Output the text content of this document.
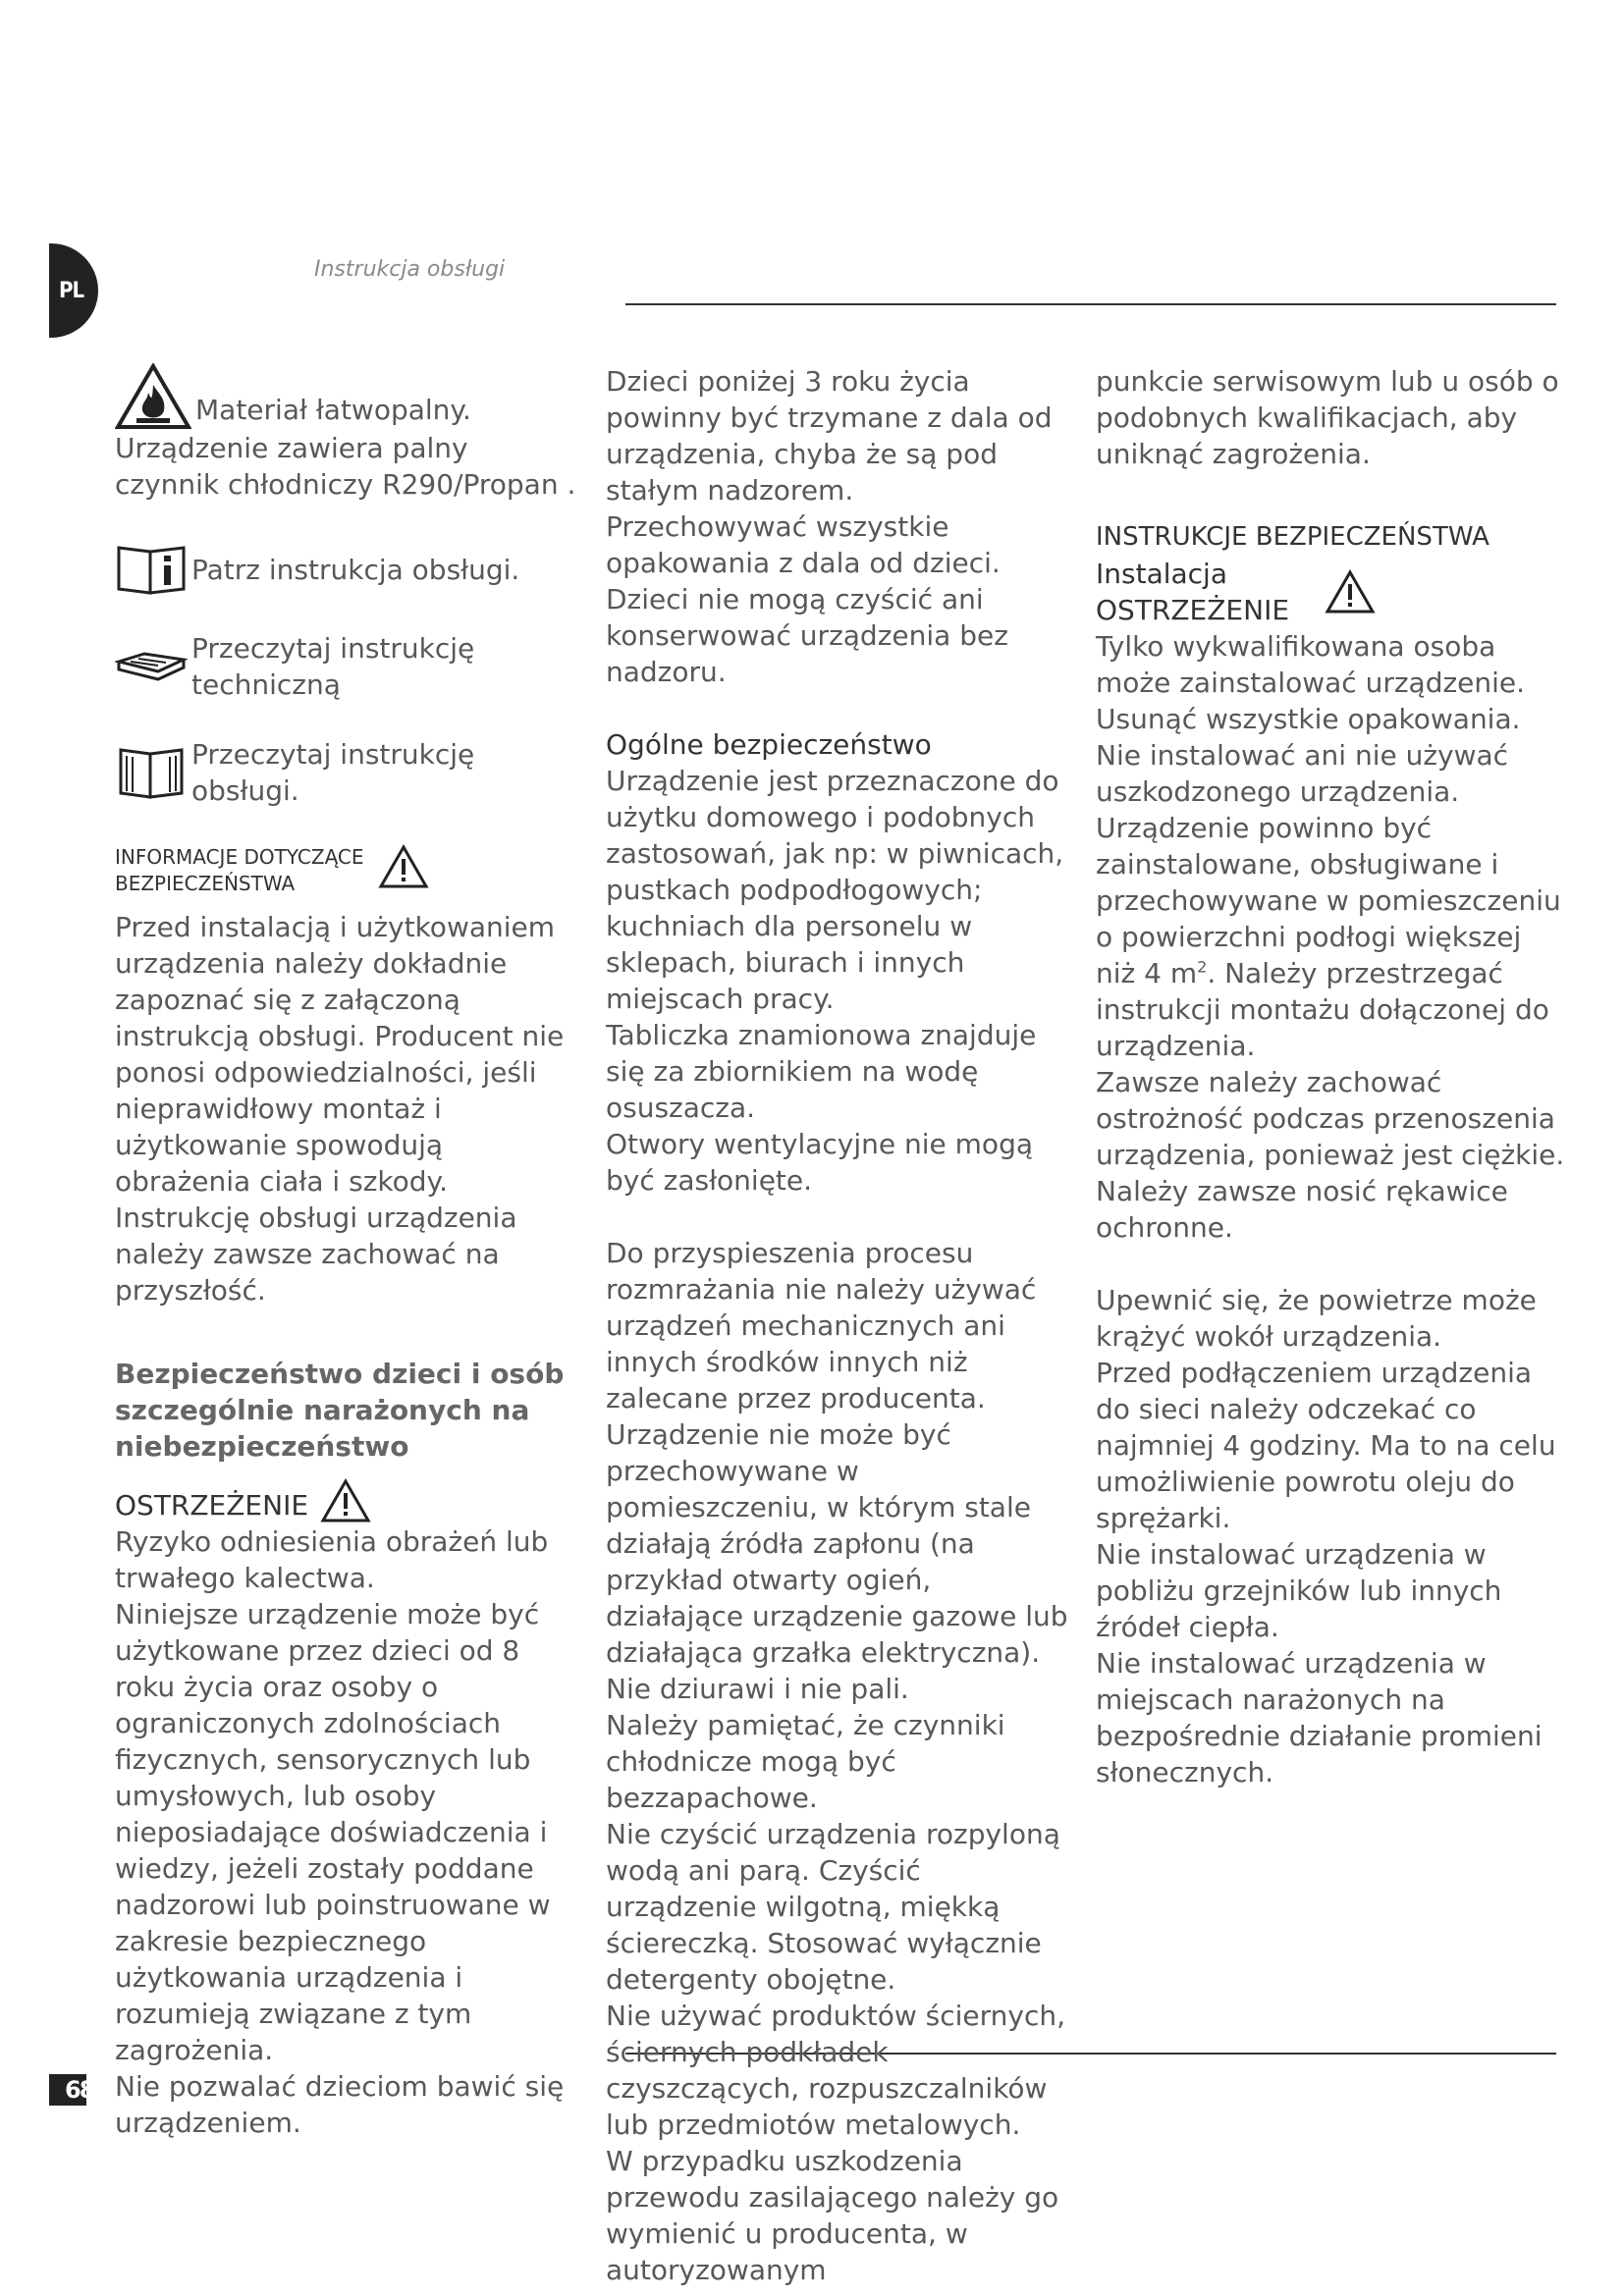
PL
Instrukcja obsługi
Materiał łatwopalny.

Urządzenie zawiera palny czynnik chłodniczy R290/Propan .

Patrz instrukcja obsługi.
Przeczytaj instrukcję techniczną
Przeczytaj instrukcję obsługi.
INFORMACJE DOTYCZĄCE
BEZPIECZEŃSTWA

Przed instalacją i użytkowaniem urządzenia należy dokładnie zapoznać się z załączoną instrukcją obsługi. Producent nie ponosi odpowiedzialności, jeśli nieprawidłowy montaż i użytkowanie spowodują obrażenia ciała i szkody. Instrukcję obsługi urządzenia należy zawsze zachować na przyszłość.

Bezpieczeństwo dzieci i osób szczególnie narażonych na niebezpieczeństwo

OSTRZEŻENIE

Ryzyko odniesienia obrażeń lub trwałego kalectwa.

Niniejsze urządzenie może być użytkowane przez dzieci od 8 roku życia oraz osoby o ograniczonych zdolnościach fizycznych, sensorycznych lub umysłowych, lub osoby nieposiadające doświadczenia i wiedzy, jeżeli zostały poddane nadzorowi lub poinstruowane w zakresie bezpiecznego użytkowania urządzenia i rozumieją związane z tym zagrożenia.

Nie pozwalać dzieciom bawić się urządzeniem.

Dzieci poniżej 3 roku życia powinny być trzymane z dala od urządzenia, chyba że są pod stałym nadzorem.

Przechowywać wszystkie opakowania z dala od dzieci.

Dzieci nie mogą czyścić ani konserwować urządzenia bez nadzoru.

Ogólne bezpieczeństwo

Urządzenie jest przeznaczone do użytku domowego i podobnych zastosowań, jak np: w piwnicach, pustkach podpodłogowych; kuchniach dla personelu w sklepach, biurach i innych miejscach pracy.

Tabliczka znamionowa znajduje się za zbiornikiem na wodę osuszacza.

Otwory wentylacyjne nie mogą być zasłonięte.

Do przyspieszenia procesu rozmrażania nie należy używać urządzeń mechanicznych ani innych środków innych niż zalecane przez producenta.

Urządzenie nie może być przechowywane w pomieszczeniu, w którym stale działają źródła zapłonu (na przykład otwarty ogień, działające urządzenie gazowe lub działająca grzałka elektryczna). Nie dziurawi i nie pali.

Należy pamiętać, że czynniki chłodnicze mogą być bezzapachowe.

Nie czyścić urządzenia rozpyloną wodą ani parą. Czyścić urządzenie wilgotną, miękką ściereczką. Stosować wyłącznie detergenty obojętne.

Nie używać produktów ściernych, ściernych podkładek czyszczących, rozpuszczalników lub przedmiotów metalowych.

W przypadku uszkodzenia przewodu zasilającego należy go wymienić u producenta, w autoryzowanym

punkcie serwisowym lub u osób o podobnych kwalifikacjach, aby uniknąć zagrożenia.

INSTRUKCJE BEZPIECZEŃSTWA

Instalacja
OSTRZEŻENIE

Tylko wykwalifikowana osoba może zainstalować urządzenie.

Usunąć wszystkie opakowania.

Nie instalować ani nie używać uszkodzonego urządzenia.

Urządzenie powinno być zainstalowane, obsługiwane i przechowywane w pomieszczeniu o powierzchni podłogi większej niż 4 $m^2$. Należy przestrzegać instrukcji montażu dołączonej do urządzenia.

Zawsze należy zachować ostrożność podczas przenoszenia urządzenia, ponieważ jest ciężkie. Należy zawsze nosić rękawice ochronne.

Upewnić się, że powietrze może krążyć wokół urządzenia.

Przed podłączeniem urządzenia do sieci należy odczekać co najmniej 4 godziny. Ma to na celu umożliwienie powrotu oleju do sprężarki.

Nie instalować urządzenia w pobliżu grzejników lub innych źródeł ciepła.

Nie instalować urządzenia w miejscach narażonych na bezpośrednie działanie promieni słonecznych.

68
